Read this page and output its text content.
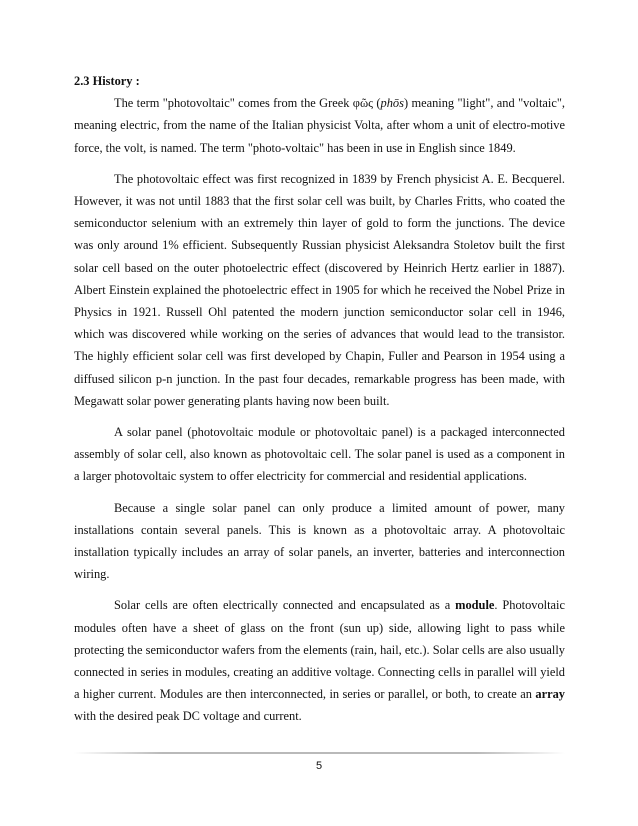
2.3 History :

The term "photovoltaic" comes from the Greek φῶς (phōs) meaning "light", and "voltaic", meaning electric, from the name of the Italian physicist Volta, after whom a unit of electro-motive force, the volt, is named. The term "photo-voltaic" has been in use in English since 1849.

The photovoltaic effect was first recognized in 1839 by French physicist A. E. Becquerel. However, it was not until 1883 that the first solar cell was built, by Charles Fritts, who coated the semiconductor selenium with an extremely thin layer of gold to form the junctions. The device was only around 1% efficient. Subsequently Russian physicist Aleksandra Stoletov built the first solar cell based on the outer photoelectric effect (discovered by Heinrich Hertz earlier in 1887). Albert Einstein explained the photoelectric effect in 1905 for which he received the Nobel Prize in Physics in 1921. Russell Ohl patented the modern junction semiconductor solar cell in 1946, which was discovered while working on the series of advances that would lead to the transistor. The highly efficient solar cell was first developed by Chapin, Fuller and Pearson in 1954 using a diffused silicon p-n junction. In the past four decades, remarkable progress has been made, with Megawatt solar power generating plants having now been built.

A solar panel (photovoltaic module or photovoltaic panel) is a packaged interconnected assembly of solar cell, also known as photovoltaic cell. The solar panel is used as a component in a larger photovoltaic system to offer electricity for commercial and residential applications.

Because a single solar panel can only produce a limited amount of power, many installations contain several panels. This is known as a photovoltaic array. A photovoltaic installation typically includes an array of solar panels, an inverter, batteries and interconnection wiring.

Solar cells are often electrically connected and encapsulated as a module. Photovoltaic modules often have a sheet of glass on the front (sun up) side, allowing light to pass while protecting the semiconductor wafers from the elements (rain, hail, etc.). Solar cells are also usually connected in series in modules, creating an additive voltage. Connecting cells in parallel will yield a higher current. Modules are then interconnected, in series or parallel, or both, to create an array with the desired peak DC voltage and current.

5
